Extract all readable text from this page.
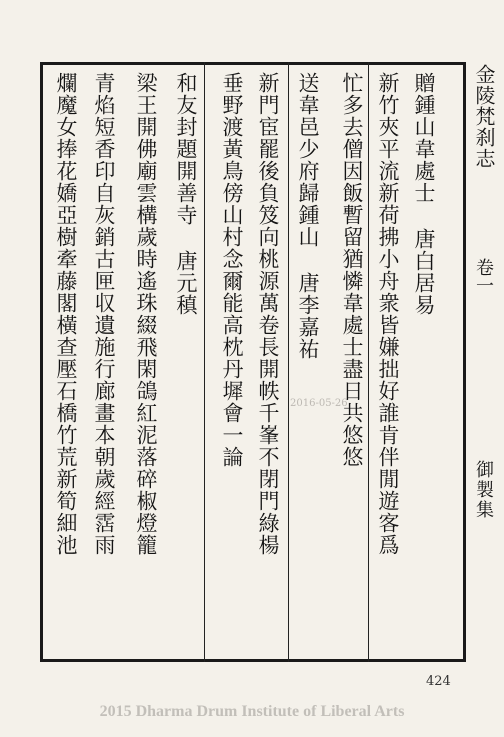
金陵梵刹志
卷一
御製集
贈鍾山韋處士唐白居易
新竹夾平流新荷拂小舟衆皆嫌拙好誰肯伴閒遊客爲
忙多去僧因飯暫留猶憐韋處士盡日共悠悠
送韋邑少府歸鍾山唐李嘉祐
新門宦罷後負笈向桃源萬卷長開帙千峯不閉門綠楊
垂野渡黃鳥傍山村念爾能高枕丹墀會一論
和友封題開善寺唐元稹
梁王開佛廟雲構歲時遙珠綴飛閑鴿紅泥落碎椒燈籠
青焰短香印自灰銷古匣収遺施行廊畫本朝歲經霑雨
爛魔女捧花嬌亞樹牽藤閣橫查壓石橋竹荒新筍細池	2016-05-26
424
2015 Dharma Drum Institute of Liberal Arts
